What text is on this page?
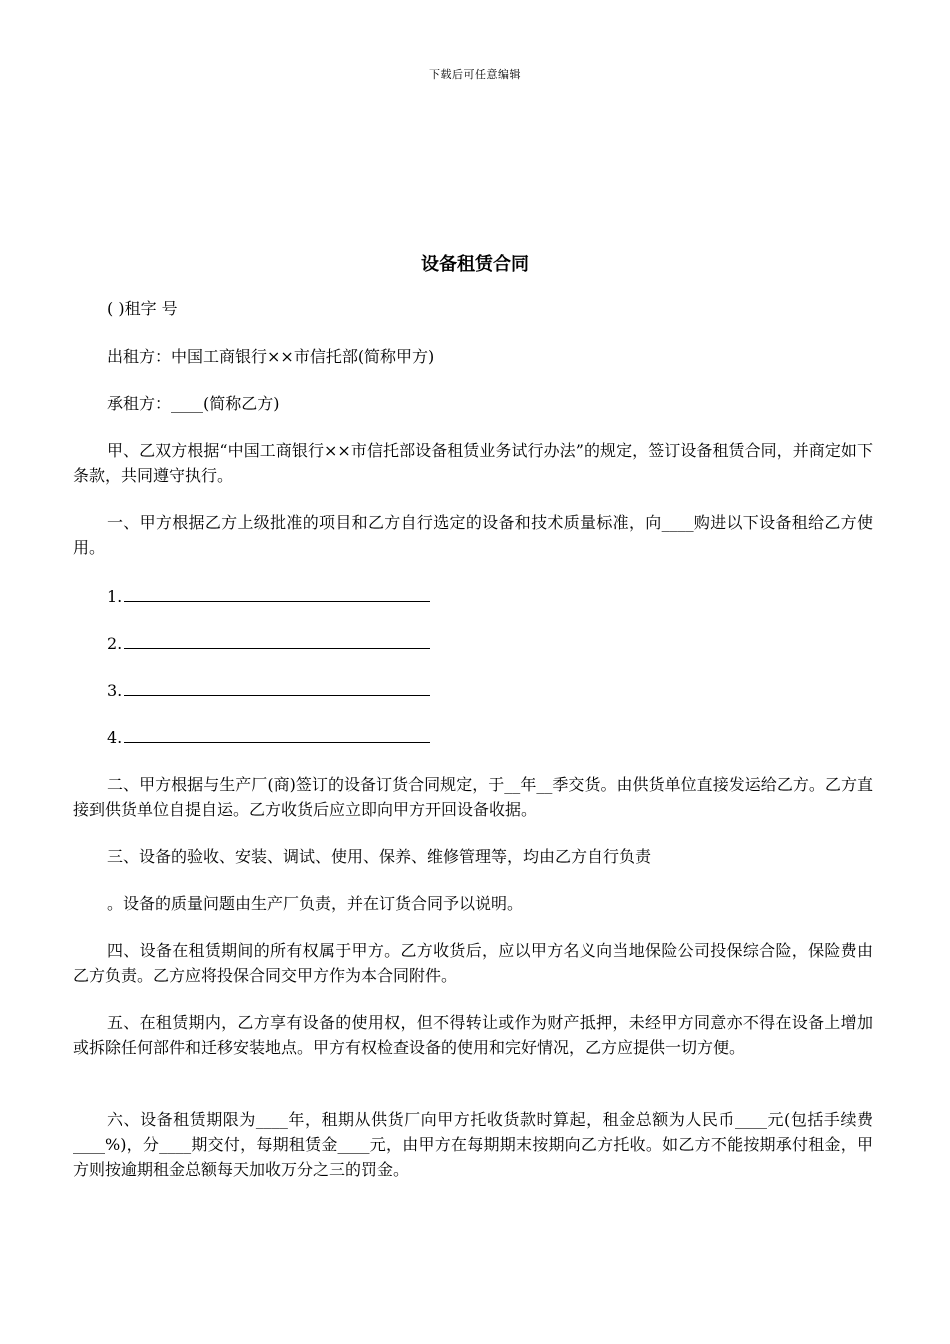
下载后可任意编辑
设备租赁合同
( )租字 号
出租方：中国工商银行××市信托部(简称甲方)
承租方：____(简称乙方)
甲、乙双方根据“中国工商银行××市信托部设备租赁业务试行办法”的规定，签订设备租赁合同，并商定如下条款，共同遵守执行。
一、甲方根据乙方上级批准的项目和乙方自行选定的设备和技术质量标准，向____购进以下设备租给乙方使用。
1.
2.
3.
4.
二、甲方根据与生产厂(商)签订的设备订货合同规定，于__年__季交货。由供货单位直接发运给乙方。乙方直接到供货单位自提自运。乙方收货后应立即向甲方开回设备收据。
三、设备的验收、安装、调试、使用、保养、维修管理等，均由乙方自行负责
。设备的质量问题由生产厂负责，并在订货合同予以说明。
四、设备在租赁期间的所有权属于甲方。乙方收货后，应以甲方名义向当地保险公司投保综合险，保险费由乙方负责。乙方应将投保合同交甲方作为本合同附件。
五、在租赁期内，乙方享有设备的使用权，但不得转让或作为财产抵押，未经甲方同意亦不得在设备上增加或拆除任何部件和迁移安装地点。甲方有权检查设备的使用和完好情况，乙方应提供一切方便。
六、设备租赁期限为____年，租期从供货厂向甲方托收货款时算起，租金总额为人民币____元(包括手续费____%)，分____期交付，每期租赁金____元，由甲方在每期期末按期向乙方托收。如乙方不能按期承付租金，甲方则按逾期租金总额每天加收万分之三的罚金。
